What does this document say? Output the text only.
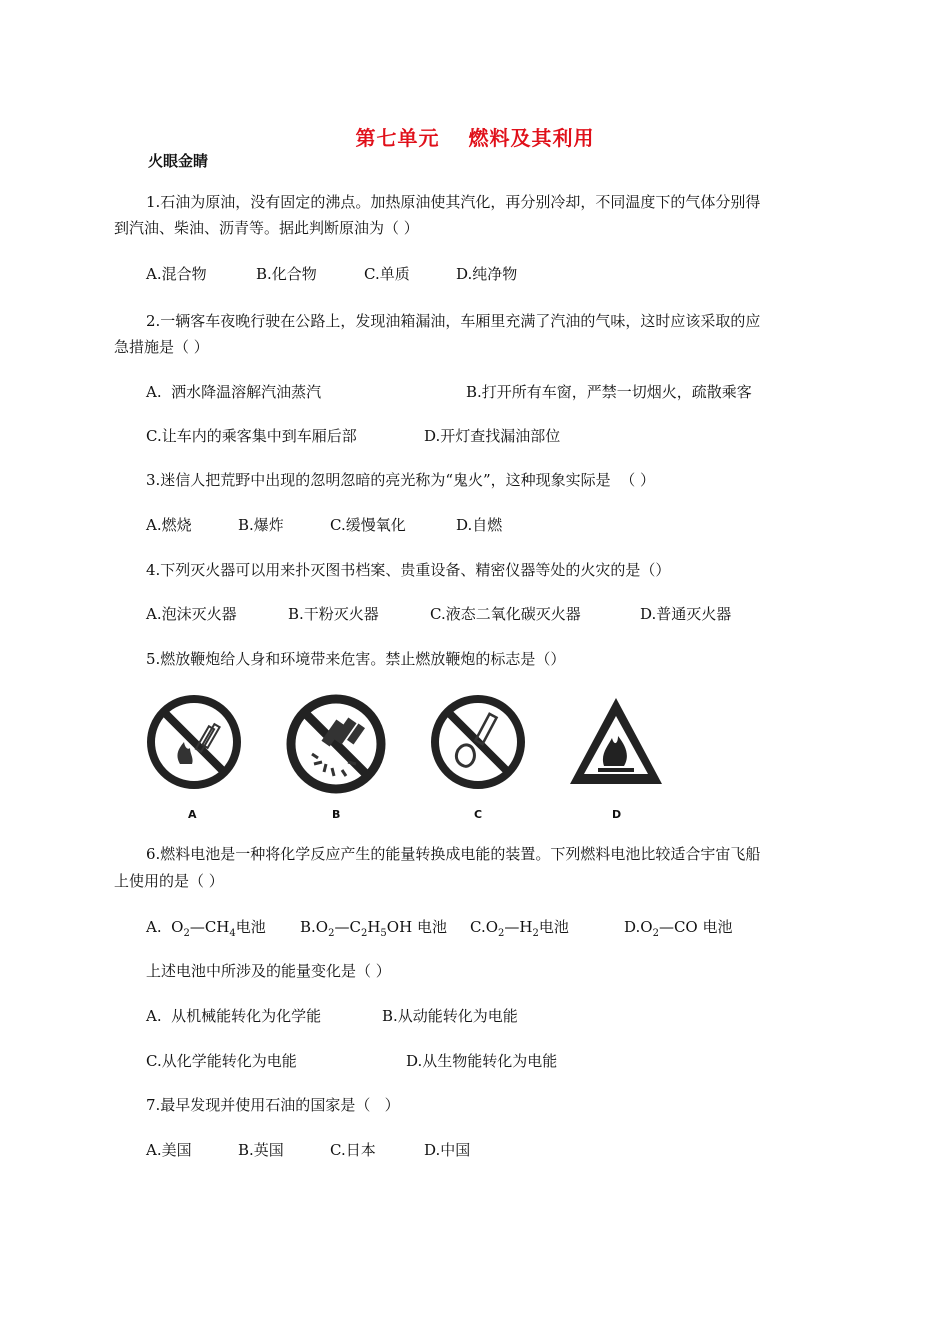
第七单元　 燃料及其利用
火眼金睛
1.石油为原油，没有固定的沸点。加热原油使其汽化，再分别冷却，不同温度下的气体分别得
到汽油、柴油、沥青等。据此判断原油为（ ）
A.混合物	B.化合物	C.单质	D.纯净物
2.一辆客车夜晚行驶在公路上，发现油箱漏油，车厢里充满了汽油的气味，这时应该采取的应
急措施是（ ）
A.  洒水降温溶解汽油蒸汽	B.打开所有车窗，严禁一切烟火，疏散乘客
C.让车内的乘客集中到车厢后部	D.开灯查找漏油部位
3.迷信人把荒野中出现的忽明忽暗的亮光称为“鬼火”，这种现象实际是  （ ）
A.燃烧	B.爆炸	C.缓慢氧化	D.自燃
4.下列灭火器可以用来扑灭图书档案、贵重设备、精密仪器等处的火灾的是（）
A.泡沫灭火器	B.干粉灭火器	C.液态二氧化碳灭火器	D.普通灭火器
5.燃放鞭炮给人身和环境带来危害。禁止燃放鞭炮的标志是（）
A	B	C	D
6.燃料电池是一种将化学反应产生的能量转换成电能的装置。下列燃料电池比较适合宇宙飞船
上使用的是（ ）
A.  $O_2—CH_4$电池 $B.O_2—C_2H_5OH$ 电池 $C.O_2—H_2$电池	$D.O_2—CO$ 电池
上述电池中所涉及的能量变化是（ ）
A.  从机械能转化为化学能	B.从动能转化为电能
C.从化学能转化为电能	D.从生物能转化为电能
7.最早发现并使用石油的国家是（   ）
A.美国	B.英国	C.日本	D.中国
